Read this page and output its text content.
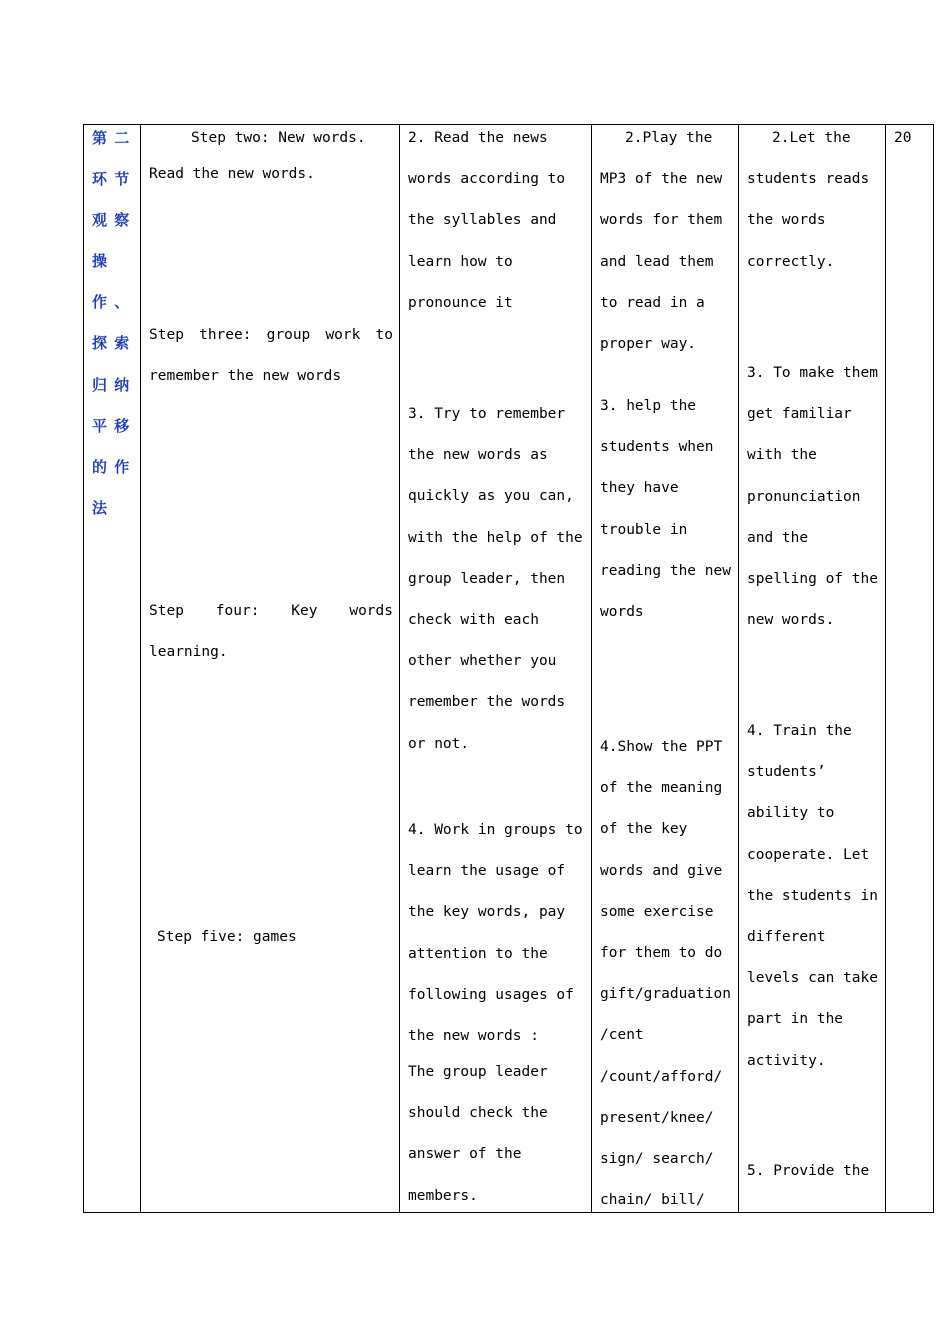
第 二
环 节
观 察
操
作 、
探 索
归 纳
平 移
的 作
法
Step two: New words.
Read the new words.
Step three: group work to
remember the new words
Step four: Key words
learning.
Step five: games
2. Read the news
words according to
the syllables and
learn how to
pronounce it
3. Try to remember
the new words as
quickly as you can,
with the help of the
group leader, then
check with each
other whether you
remember the words
or not.
4. Work in groups to
learn the usage of
the key words, pay
attention to the
following usages of
the new words :
The group leader
should check the
answer of the
members.
2.Play the
MP3 of the new
words for them
and lead them
to read in a
proper way.
3. help the
students when
they have
trouble in
reading the new
words
4.Show the PPT
of the meaning
of the key
words and give
some exercise
for them to do
gift/graduation
/cent
/count/afford/
present/knee/
sign/ search/
chain/ bill/
2.Let the
students reads
the words
correctly.
3. To make them
get familiar
with the
pronunciation
and the
spelling of the
new words.
4. Train the
students’
ability to
cooperate. Let
the students in
different
levels can take
part in the
activity.
5. Provide the
20
